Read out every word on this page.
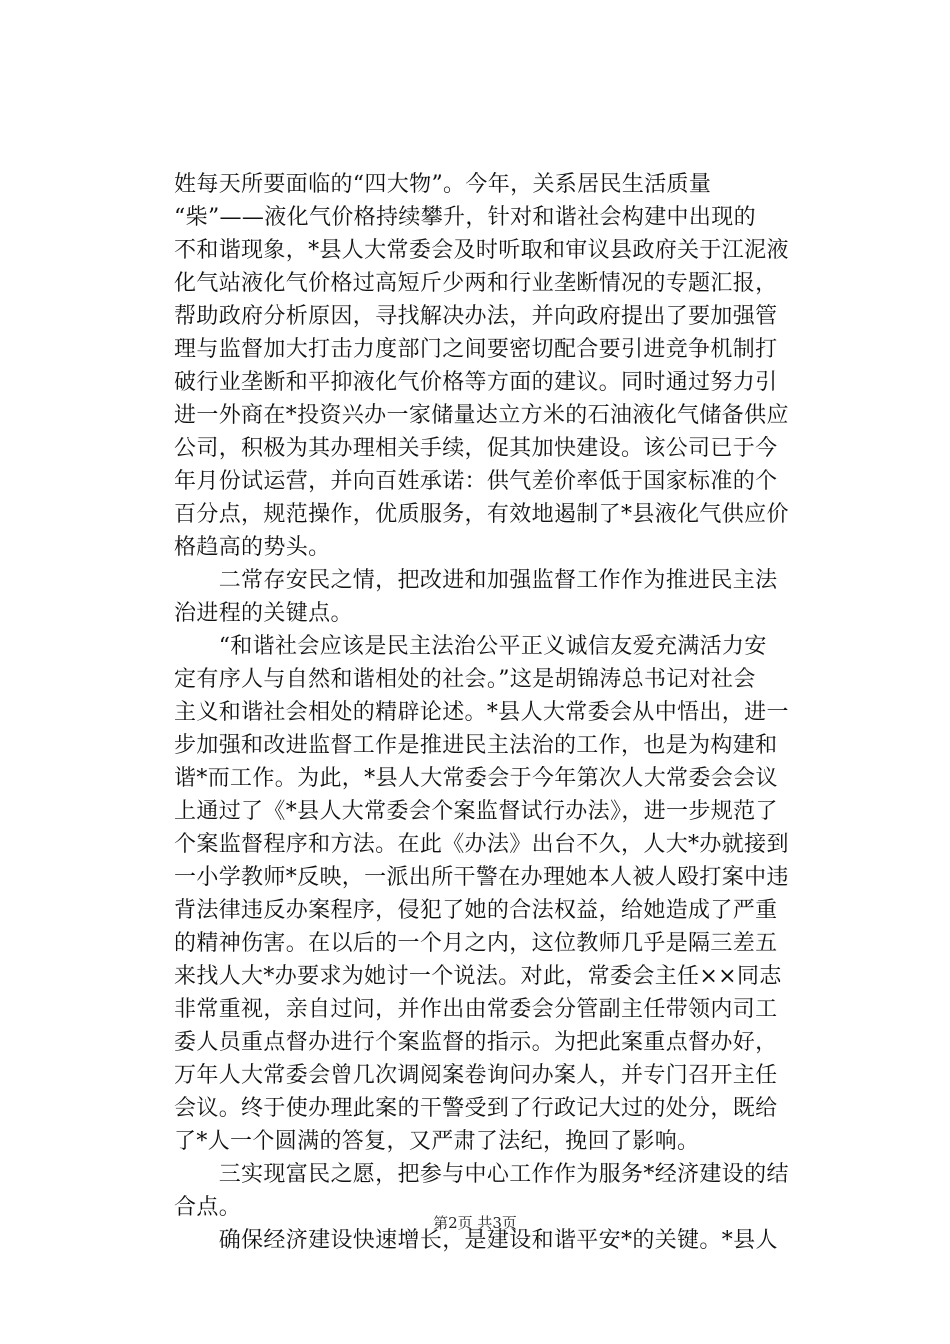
姓每天所要面临的“四大物”。今年，关系居民生活质量
“柴”——液化气价格持续攀升，针对和谐社会构建中出现的
不和谐现象，*县人大常委会及时听取和审议县政府关于江泥液
化气站液化气价格过高短斤少两和行业垄断情况的专题汇报，
帮助政府分析原因，寻找解决办法，并向政府提出了要加强管
理与监督加大打击力度部门之间要密切配合要引进竞争机制打
破行业垄断和平抑液化气价格等方面的建议。同时通过努力引
进一外商在*投资兴办一家储量达立方米的石油液化气储备供应
公司，积极为其办理相关手续，促其加快建设。该公司已于今
年月份试运营，并向百姓承诺：供气差价率低于国家标准的个
百分点，规范操作，优质服务，有效地遏制了*县液化气供应价
格趋高的势头。
　　二常存安民之情，把改进和加强监督工作作为推进民主法
治进程的关键点。
　　“和谐社会应该是民主法治公平正义诚信友爱充满活力安
定有序人与自然和谐相处的社会。”这是胡锦涛总书记对社会
主义和谐社会相处的精辟论述。*县人大常委会从中悟出，进一
步加强和改进监督工作是推进民主法治的工作，也是为构建和
谐*而工作。为此，*县人大常委会于今年第次人大常委会会议
上通过了《*县人大常委会个案监督试行办法》，进一步规范了
个案监督程序和方法。在此《办法》出台不久，人大*办就接到
一小学教师*反映，一派出所干警在办理她本人被人殴打案中违
背法律违反办案程序，侵犯了她的合法权益，给她造成了严重
的精神伤害。在以后的一个月之内，这位教师几乎是隔三差五
来找人大*办要求为她讨一个说法。对此，常委会主任××同志
非常重视，亲自过问，并作出由常委会分管副主任带领内司工
委人员重点督办进行个案监督的指示。为把此案重点督办好，
万年人大常委会曾几次调阅案卷询问办案人，并专门召开主任
会议。终于使办理此案的干警受到了行政记大过的处分，既给
了*人一个圆满的答复，又严肃了法纪，挽回了影响。
　　三实现富民之愿，把参与中心工作作为服务*经济建设的结
合点。
　　确保经济建设快速增长，是建设和谐平安*的关键。*县人
第2页 共3页
